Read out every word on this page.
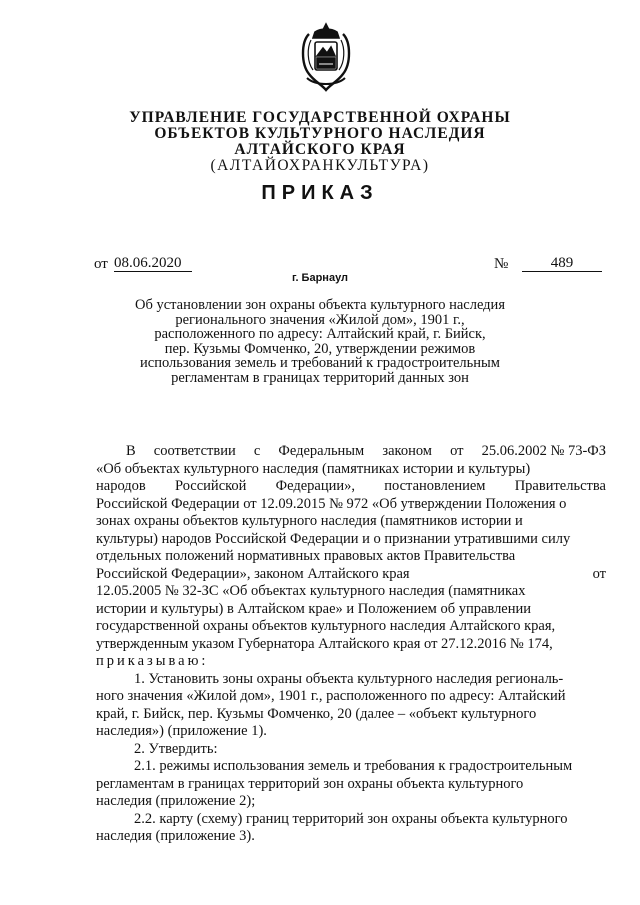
УПРАВЛЕНИЕ ГОСУДАРСТВЕННОЙ ОХРАНЫ
ОБЪЕКТОВ КУЛЬТУРНОГО НАСЛЕДИЯ
АЛТАЙСКОГО КРАЯ
(АЛТАЙОХРАНКУЛЬТУРА)
ПРИКАЗ
от 08.06.2020	№	489
г. Барнаул
Об установлении зон охраны объекта культурного наследия
регионального значения «Жилой дом», 1901 г.,
расположенного по адресу: Алтайский край, г. Бийск,
пер. Кузьмы Фомченко, 20, утверждении режимов
использования земель и требований к градостроительным
регламентам в границах территорий данных зон
В соответствии с Федеральным законом от 25.06.2002 № 73-ФЗ
«Об объектах культурного наследия (памятниках истории и культуры)
народов Российской Федерации», постановлением Правительства
Российской Федерации от 12.09.2015 № 972 «Об утверждении Положения о
зонах охраны объектов культурного наследия (памятников истории и
культуры) народов Российской Федерации и о признании утратившими силу
отдельных положений нормативных правовых актов Правительства
Российской Федерации», законом Алтайского края	от
12.05.2005 № 32-ЗС «Об объектах культурного наследия (памятниках
истории и культуры) в Алтайском крае» и Положением об управлении
государственной охраны объектов культурного наследия Алтайского края,
утвержденным указом Губернатора Алтайского края от 27.12.2016 № 174,
приказываю:
1. Установить зоны охраны объекта культурного наследия региональ-
ного значения «Жилой дом», 1901 г., расположенного по адресу: Алтайский
край, г. Бийск, пер. Кузьмы Фомченко, 20 (далее – «объект культурного
наследия») (приложение 1).
2. Утвердить:
2.1. режимы использования земель и требования к градостроительным
регламентам в границах территорий зон охраны объекта культурного
наследия (приложение 2);
2.2. карту (схему) границ территорий зон охраны объекта культурного
наследия (приложение 3).
